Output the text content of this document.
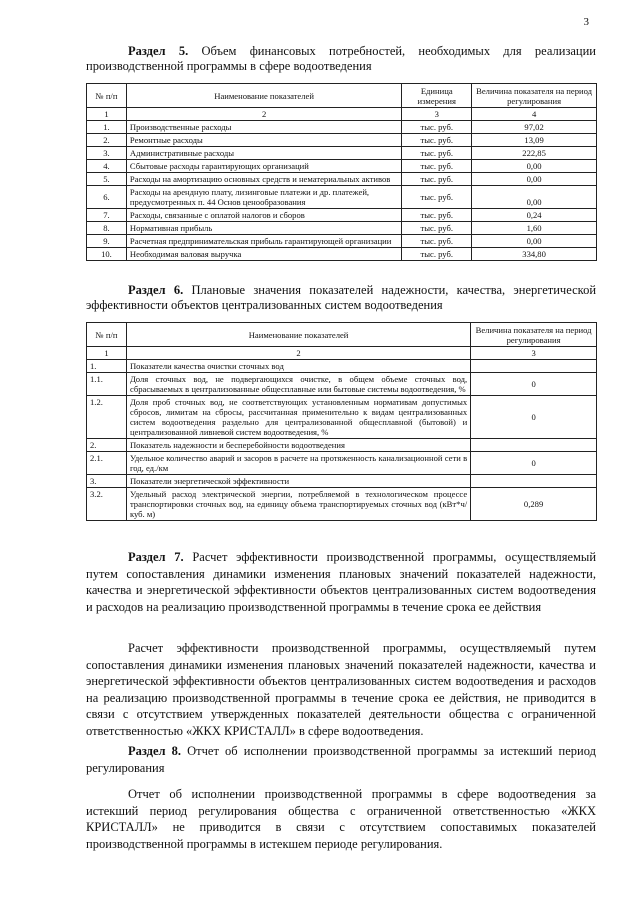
3
Раздел 5. Объем финансовых потребностей, необходимых для реализации производственной программы в сфере водоотведения
№ п/п	Наименование показателей	Единица измерения	Величина показателя на период регулирования
1	2	3	4
1.	Производственные расходы	тыс. руб.	97,02
2.	Ремонтные расходы	тыс. руб.	13,09
3.	Административные расходы	тыс. руб.	222,85
4.	Сбытовые расходы гарантирующих организаций	тыс. руб.	0,00
5.	Расходы на амортизацию основных средств и нематериальных активов	тыс. руб.	0,00
6.	Расходы на арендную плату, лизинговые платежи и др. платежей, предусмотренных п. 44 Основ ценообразования	тыс. руб.	0,00
7.	Расходы, связанные с оплатой налогов и сборов	тыс. руб.	0,24
8.	Нормативная прибыль	тыс. руб.	1,60
9.	Расчетная предпринимательская прибыль гарантирующей организации	тыс. руб.	0,00
10.	Необходимая валовая выручка	тыс. руб.	334,80
Раздел 6. Плановые значения показателей надежности, качества, энергетической эффективности объектов централизованных систем водоотведения
№ п/п	Наименование показателей	Величина показателя на период регулирования
1	2	3
1.	Показатели качества очистки сточных вод	
1.1.	Доля сточных вод, не подвергающихся очистке, в общем объеме сточных вод, сбрасываемых в централизованные общесплавные или бытовые системы водоотведения, %	0
1.2.	Доля проб сточных вод, не соответствующих установленным нормативам допустимых сбросов, лимитам на сбросы, рассчитанная применительно к видам централизованных систем водоотведения раздельно для централизованной общесплавной (бытовой) и централизованной ливневой систем водоотведения, %	0
2.	Показатель надежности и бесперебойности водоотведения	
2.1.	Удельное количество аварий и засоров в расчете на протяженность канализационной сети в год, ед./км	0
3.	Показатели энергетической эффективности	
3.2.	Удельный расход электрической энергии, потребляемой в технологическом процессе транспортировки сточных вод, на единицу объема транспортируемых сточных вод (кВт*ч/ куб. м)	0,289
Раздел 7. Расчет эффективности производственной программы, осуществляемый путем сопоставления динамики изменения плановых значений показателей надежности, качества и энергетической эффективности объектов централизованных систем водоотведения и расходов на реализацию производственной программы в течение срока ее действия
Расчет эффективности производственной программы, осуществляемый путем сопоставления динамики изменения плановых значений показателей надежности, качества и энергетической эффективности объектов централизованных систем водоотведения и расходов на реализацию производственной программы в течение срока ее действия, не приводится в связи с отсутствием утвержденных показателей деятельности общества с ограниченной ответственностью «ЖКХ КРИСТАЛЛ» в сфере водоотведения.
Раздел 8. Отчет об исполнении производственной программы за истекший период регулирования
Отчет об исполнении производственной программы в сфере водоотведения за истекший период регулирования общества с ограниченной ответственностью «ЖКХ КРИСТАЛЛ» не приводится в связи с отсутствием сопоставимых показателей производственной программы в истекшем периоде регулирования.
